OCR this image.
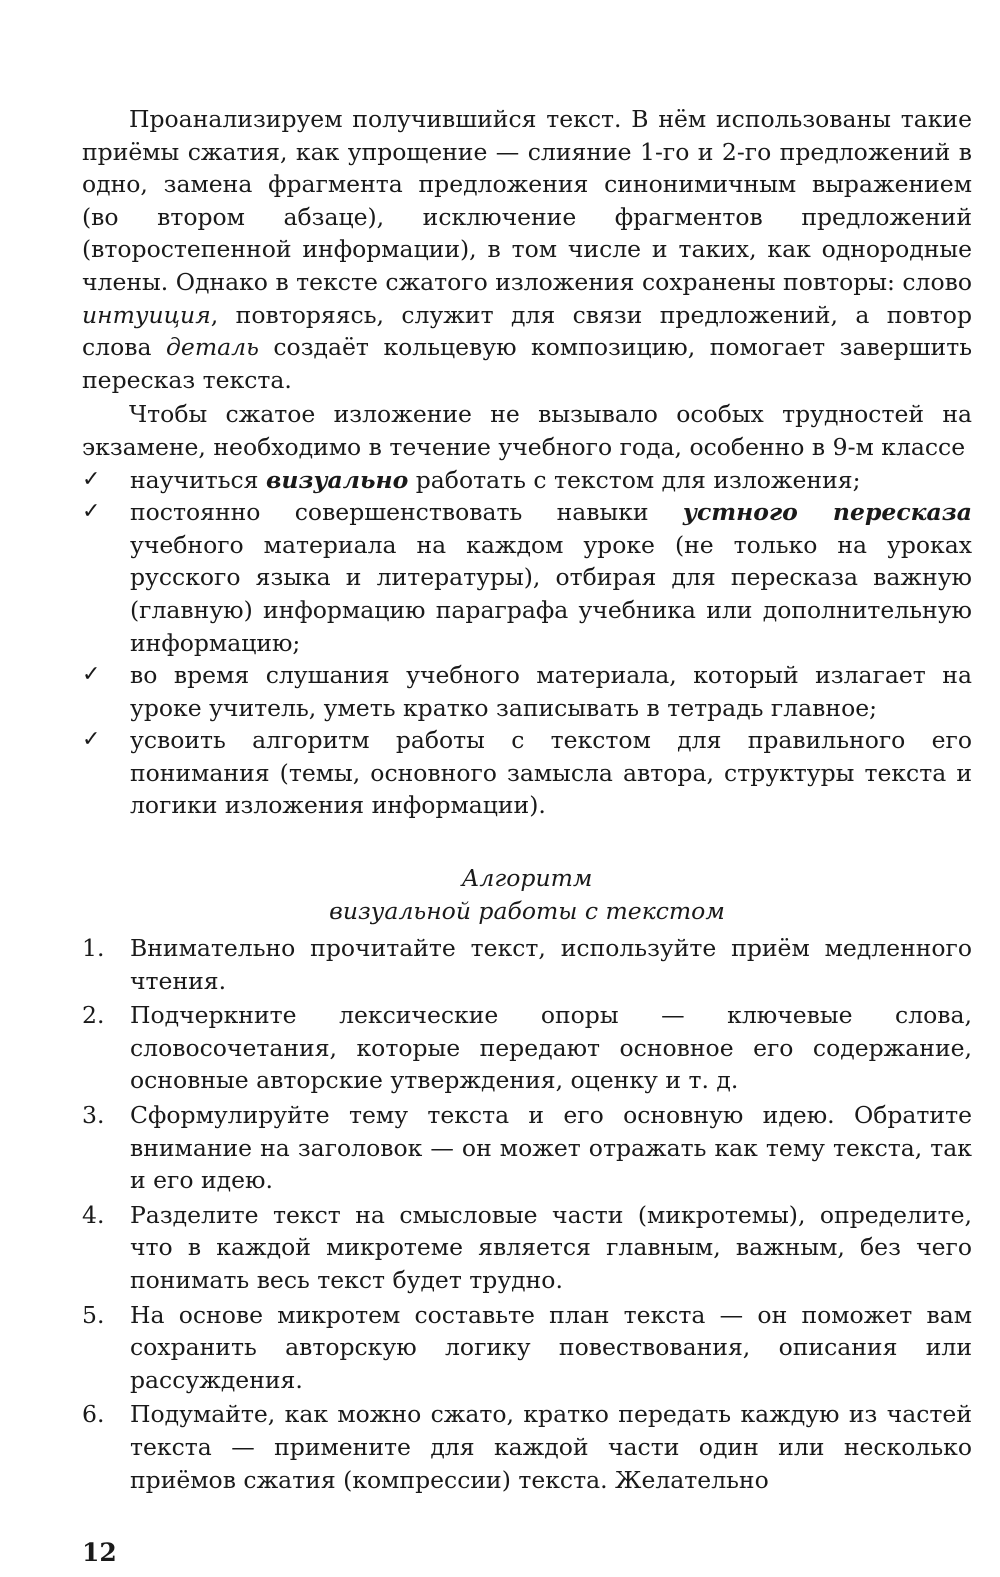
Проанализируем получившийся текст. В нём использованы такие приёмы сжатия, как упрощение — слияние 1-го и 2-го предложений в одно, замена фрагмента предложения синонимичным выражением (во втором абзаце), исключение фрагментов предложений (второстепенной информации), в том числе и таких, как однородные члены. Однако в тексте сжатого изложения сохранены повторы: слово интуиция, повторяясь, служит для связи предложений, а повтор слова деталь создаёт кольцевую композицию, помогает завершить пересказ текста.

Чтобы сжатое изложение не вызывало особых трудностей на экзамене, необходимо в течение учебного года, особенно в 9-м классе

✓	научиться визуально работать с текстом для изложения;
✓	постоянно совершенствовать навыки устного пересказа учебного материала на каждом уроке (не только на уроках русского языка и литературы), отбирая для пересказа важную (главную) информацию параграфа учебника или дополнительную информацию;
✓	во время слушания учебного материала, который излагает на уроке учитель, уметь кратко записывать в тетрадь главное;
✓	усвоить алгоритм работы с текстом для правильного его понимания (темы, основного замысла автора, структуры текста и логики изложения информации).
Алгоритм
визуальной работы с текстом
1.	Внимательно прочитайте текст, используйте приём медленного чтения.
2.	Подчеркните лексические опоры — ключевые слова, словосочетания, которые передают основное его содержание, основные авторские утверждения, оценку и т. д.
3.	Сформулируйте тему текста и его основную идею. Обратите внимание на заголовок — он может отражать как тему текста, так и его идею.
4.	Разделите текст на смысловые части (микротемы), определите, что в каждой микротеме является главным, важным, без чего понимать весь текст будет трудно.
5.	На основе микротем составьте план текста — он поможет вам сохранить авторскую логику повествования, описания или рассуждения.
6.	Подумайте, как можно сжато, кратко передать каждую из частей текста — примените для каждой части один или несколько приёмов сжатия (компрессии) текста. Желательно
12
